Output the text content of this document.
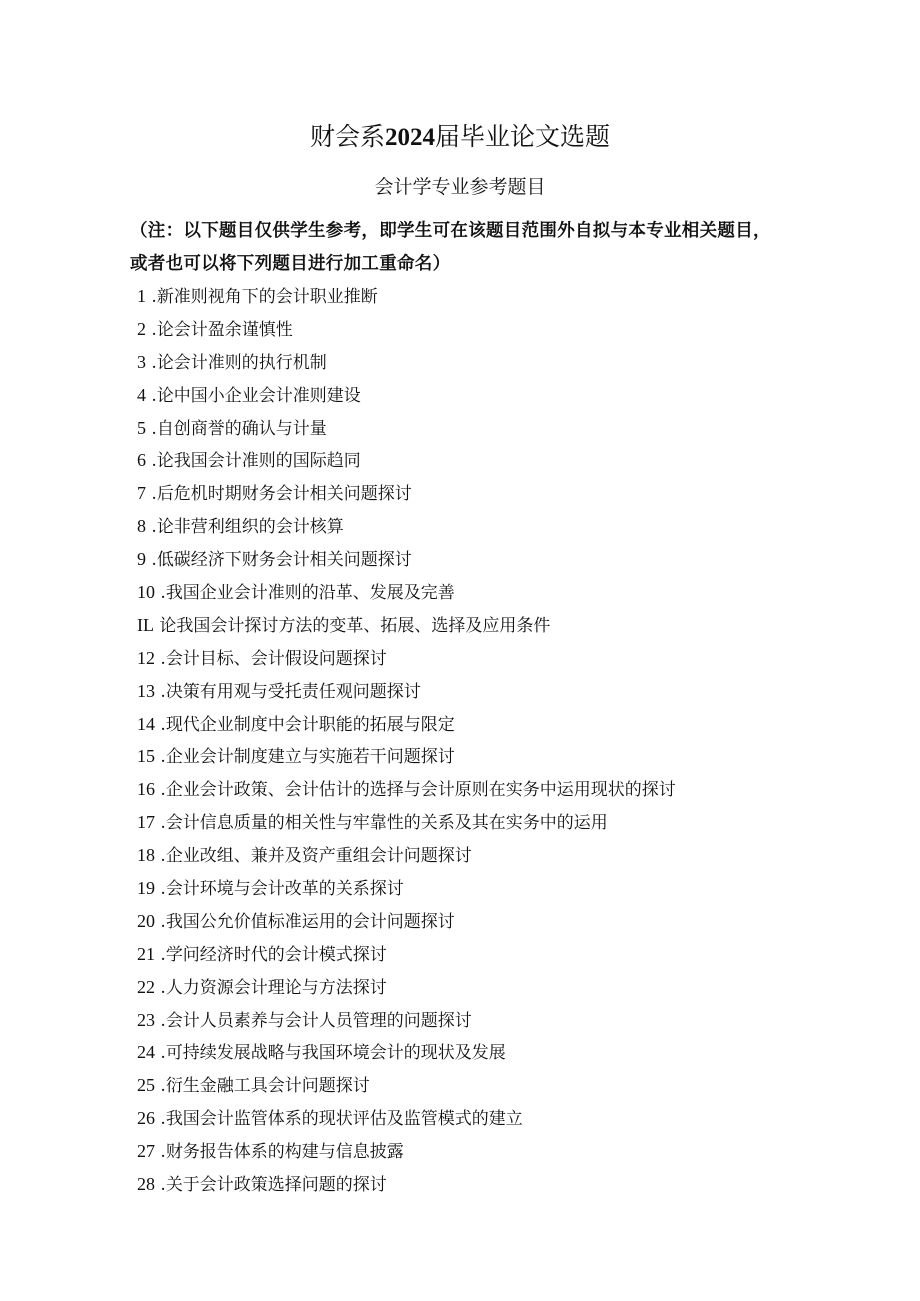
财会系2024届毕业论文选题
会计学专业参考题目
（注：以下题目仅供学生参考，即学生可在该题目范围外自拟与本专业相关题目，或者也可以将下列题目进行加工重命名）
1 .新准则视角下的会计职业推断
2 .论会计盈余谨慎性
3 .论会计准则的执行机制
4 .论中国小企业会计准则建设
5 .自创商誉的确认与计量
6 .论我国会计准则的国际趋同
7 .后危机时期财务会计相关问题探讨
8 .论非营利组织的会计核算
9 .低碳经济下财务会计相关问题探讨
10 .我国企业会计准则的沿革、发展及完善
IL 论我国会计探讨方法的变革、拓展、选择及应用条件
12 .会计目标、会计假设问题探讨
13 .决策有用观与受托责任观问题探讨
14 .现代企业制度中会计职能的拓展与限定
15 .企业会计制度建立与实施若干问题探讨
16 .企业会计政策、会计估计的选择与会计原则在实务中运用现状的探讨
17 .会计信息质量的相关性与牢靠性的关系及其在实务中的运用
18 .企业改组、兼并及资产重组会计问题探讨
19 .会计环境与会计改革的关系探讨
20 .我国公允价值标准运用的会计问题探讨
21 .学问经济时代的会计模式探讨
22 .人力资源会计理论与方法探讨
23 .会计人员素养与会计人员管理的问题探讨
24 .可持续发展战略与我国环境会计的现状及发展
25 .衍生金融工具会计问题探讨
26 .我国会计监管体系的现状评估及监管模式的建立
27 .财务报告体系的构建与信息披露
28 .关于会计政策选择问题的探讨
